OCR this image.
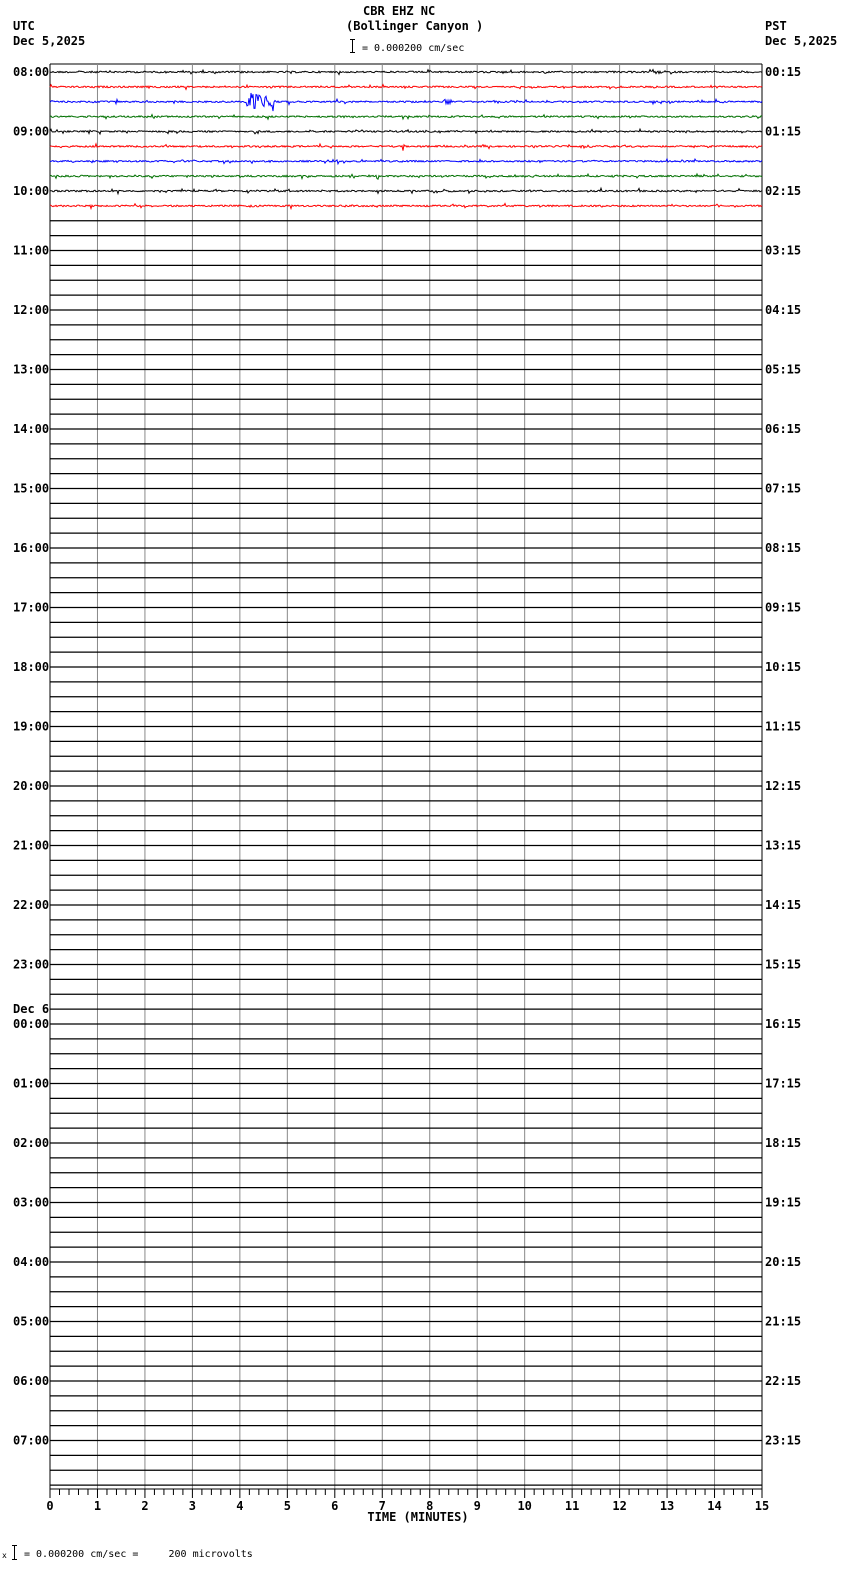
CBR EHZ NC
(Bollinger Canyon )
UTC
Dec 5,2025
PST
Dec 5,2025
= 0.000200 cm/sec
Dec 6
08:00
09:00
10:00
11:00
12:00
13:00
14:00
15:00
16:00
17:00
18:00
19:00
20:00
21:00
22:00
23:00
00:00
01:00
02:00
03:00
04:00
05:00
06:00
07:00
00:15
01:15
02:15
03:15
04:15
05:15
06:15
07:15
08:15
09:15
10:15
11:15
12:15
13:15
14:15
15:15
16:15
17:15
18:15
19:15
20:15
21:15
22:15
23:15
0	1	2	3	4	5	6	7	8	9	10	11	12	13	14	15
TIME (MINUTES)
x = 0.000200 cm/sec =     200 microvolts
